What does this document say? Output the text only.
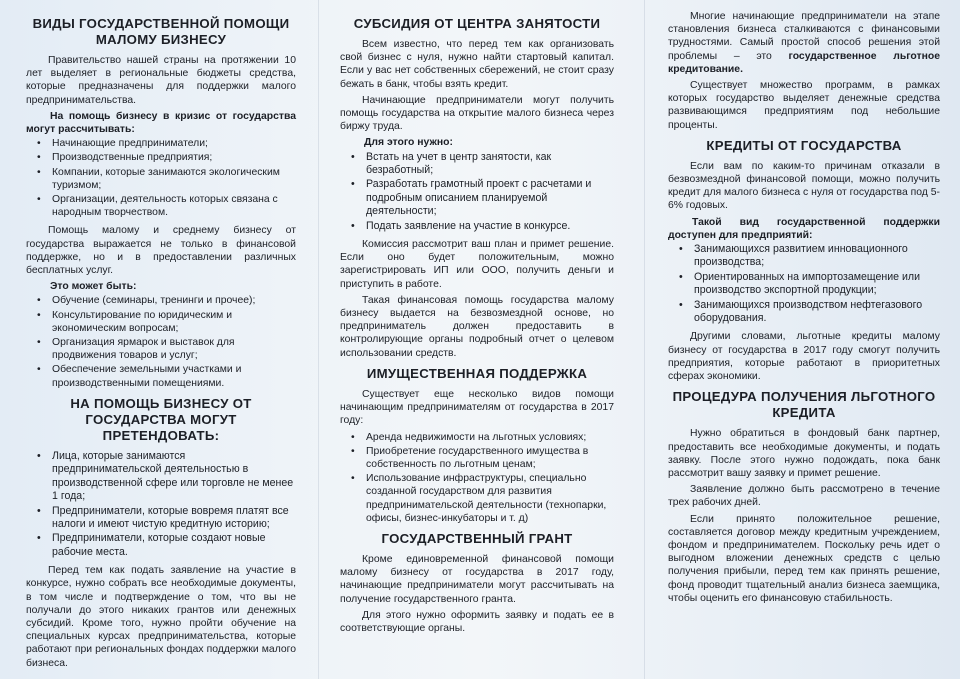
ВИДЫ ГОСУДАРСТВЕННОЙ ПОМОЩИ МАЛОМУ БИЗНЕСУ

Правительство нашей страны на протяжении 10 лет выделяет в региональные бюджеты средства, которые предназначены для поддержки малого предпринимательства.

На помощь бизнесу в кризис от государства могут рассчитывать:

• Начинающие предприниматели;
• Производственные предприятия;
• Компании, которые занимаются экологическим туризмом;
• Организации, деятельность которых связана с народным творчеством.

Помощь малому и среднему бизнесу от государства выражается не только в финансовой поддержке, но и в предоставлении различных бесплатных услуг.

Это может быть:

• Обучение (семинары, тренинги и прочее);
• Консультирование по юридическим и экономическим вопросам;
• Организация ярмарок и выставок для продвижения товаров и услуг;
• Обеспечение земельными участками и производственными помещениями.
НА ПОМОЩЬ БИЗНЕСУ ОТ ГОСУДАРСТВА МОГУТ ПРЕТЕНДОВАТЬ:
• Лица, которые занимаются предпринимательской деятельностью в производственной сфере или торговле не менее 1 года;
• Предприниматели, которые вовремя платят все налоги и имеют чистую кредитную историю;
• Предприниматели, которые создают новые рабочие места.

Перед тем как подать заявление на участие в конкурсе, нужно собрать все необходимые документы, в том числе и подтверждение о том, что вы не получали до этого никаких грантов или денежных субсидий. Кроме того, нужно пройти обучение на специальных курсах предпринимательства, которые работают при региональных фондах поддержки малого бизнеса.

СУБСИДИЯ ОТ ЦЕНТРА ЗАНЯТОСТИ

Всем известно, что перед тем как организовать свой бизнес с нуля, нужно найти стартовый капитал. Если у вас нет собственных сбережений, не стоит сразу бежать в банк, чтобы взять кредит.

Начинающие предприниматели могут получить помощь государства на открытие малого бизнеса через биржу труда.

Для этого нужно:

• Встать на учет в центр занятости, как безработный;
• Разработать грамотный проект с расчетами и подробным описанием планируемой деятельности;
• Подать заявление на участие в конкурсе.

Комиссия рассмотрит ваш план и примет решение. Если оно будет положительным, можно зарегистрировать ИП или ООО, получить деньги и приступить в работе.

Такая финансовая помощь государства малому бизнесу выдается на безвозмездной основе, но предприниматель должен предоставить в контролирующие органы подробный отчет о целевом использовании средств.

ИМУЩЕСТВЕННАЯ ПОДДЕРЖКА

Существует еще несколько видов помощи начинающим предпринимателям от государства в 2017 году:

• Аренда недвижимости на льготных условиях;
• Приобретение государственного имущества в собственность по льготным ценам;
• Использование инфраструктуры, специально созданной государством для развития предпринимательской деятельности (технопарки, офисы, бизнес-инкубаторы и т. д)
ГОСУДАРСТВЕННЫЙ ГРАНТ

Кроме единовременной финансовой помощи малому бизнесу от государства в 2017 году, начинающие предприниматели могут рассчитывать на получение государственного гранта.

Для этого нужно оформить заявку и подать ее в соответствующие органы.

Многие начинающие предприниматели на этапе становления бизнеса сталкиваются с финансовыми трудностями. Самый простой способ решения этой проблемы – это государственное льготное кредитование.

Существует множество программ, в рамках которых государство выделяет денежные средства развивающимся предприятиям под небольшие проценты.

КРЕДИТЫ ОТ ГОСУДАРСТВА

Если вам по каким-то причинам отказали в безвозмездной финансовой помощи, можно получить кредит для малого бизнеса с нуля от государства под 5-6% годовых.

Такой вид государственной поддержки доступен для предприятий:

• Занимающихся развитием инновационного производства;
• Ориентированных на импортозамещение или производство экспортной продукции;
• Занимающихся производством нефтегазового оборудования.

Другими словами, льготные кредиты малому бизнесу от государства в 2017 году смогут получить предприятия, которые работают в приоритетных сферах экономики.

ПРОЦЕДУРА ПОЛУЧЕНИЯ ЛЬГОТНОГО КРЕДИТА

Нужно обратиться в фондовый банк партнер, предоставить все необходимые документы, и подать заявку. После этого нужно подождать, пока банк рассмотрит вашу заявку и примет решение.

Заявление должно быть рассмотрено в течение трех рабочих дней.

Если принято положительное решение, составляется договор между кредитным учреждением, фондом и предпринимателем. Поскольку речь идет о выгодном вложении денежных средств с целью получения прибыли, перед тем как принять решение, фонд проводит тщательный анализ бизнеса заемщика, чтобы оценить его финансовую стабильность.
